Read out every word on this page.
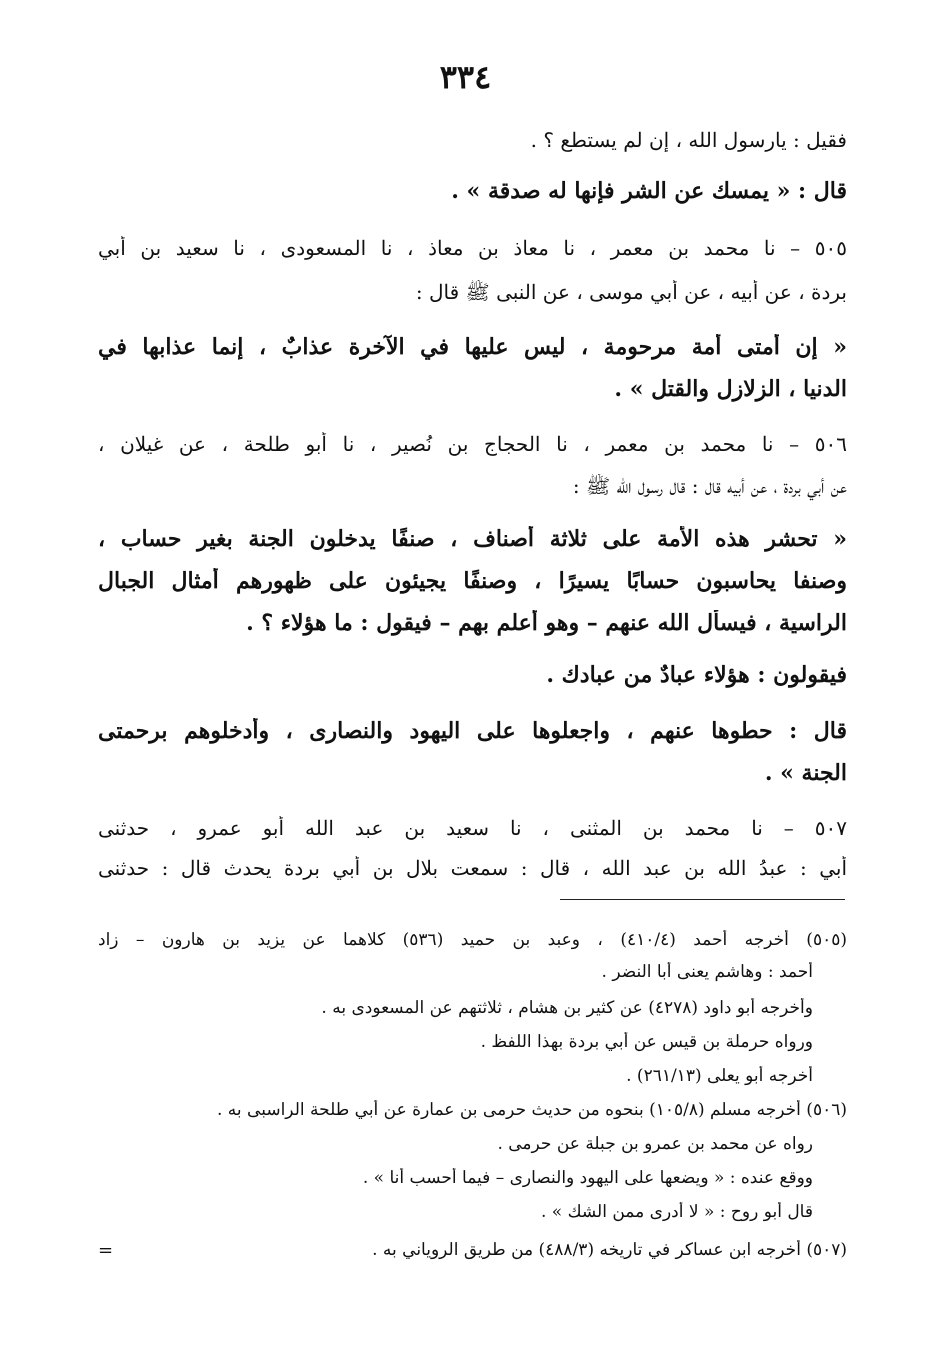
٣٣٤
فقيل : يارسول الله ، إن لم يستطع ؟ .
قال : « يمسك عن الشر فإنها له صدقة » .
٥٠٥ – نا محمد بن معمر ، نا معاذ بن معاذ ، نا المسعودى ، نا سعيد بن أبي
بردة ، عن أبيه ، عن أبي موسى ، عن النبى ﷺ قال :
« إن أمتى أمة مرحومة ، ليس عليها في الآخرة عذابٌ ، إنما عذابها في
الدنيا ، الزلازل والقتل » .
٥٠٦ – نا محمد بن معمر ، نا الحجاج بن نُصير ، نا أبو طلحة ، عن غيلان ،
عن أبي بردة ، عن أبيه قال : قال رسول الله ﷺ :
« تحشر هذه الأمة على ثلاثة أصناف ، صنفًا يدخلون الجنة بغير حساب ،
وصنفا يحاسبون حسابًا يسيرًا ، وصنفًا يجيئون على ظهورهم أمثال الجبال
الراسية ، فيسأل الله عنهم – وهو أعلم بهم – فيقول : ما هؤلاء ؟ .
فيقولون : هؤلاء عبادٌ من عبادك .
قال : حطوها عنهم ، واجعلوها على اليهود والنصارى ، وأدخلوهم برحمتى
الجنة » .
٥٠٧ – نا محمد بن المثنى ، نا سعيد بن عبد الله أبو عمرو ، حدثنى
أبي : عبدُ الله بن عبد الله ، قال : سمعت بلال بن أبي بردة يحدث قال : حدثنى
(٥٠٥) أخرجه أحمد (٤١٠/٤) ، وعبد بن حميد (٥٣٦) كلاهما عن يزيد بن هارون – زاد
أحمد : وهاشم يعنى أبا النضر .
وأخرجه أبو داود (٤٢٧٨) عن كثير بن هشام ، ثلاثتهم عن المسعودى به .
ورواه حرملة بن قيس عن أبي بردة بهذا اللفظ .
أخرجه أبو يعلى (٢٦١/١٣) .
(٥٠٦) أخرجه مسلم (١٠٥/٨) بنحوه من حديث حرمى بن عمارة عن أبي طلحة الراسبى به .
رواه عن محمد بن عمرو بن جبلة عن حرمى .
ووقع عنده : « ويضعها على اليهود والنصارى – فيما أحسب أنا » .
قال أبو روح : « لا أدرى ممن الشك » .
(٥٠٧) أخرجه ابن عساكر في تاريخه (٤٨٨/٣) من طريق الروياني به .
=
